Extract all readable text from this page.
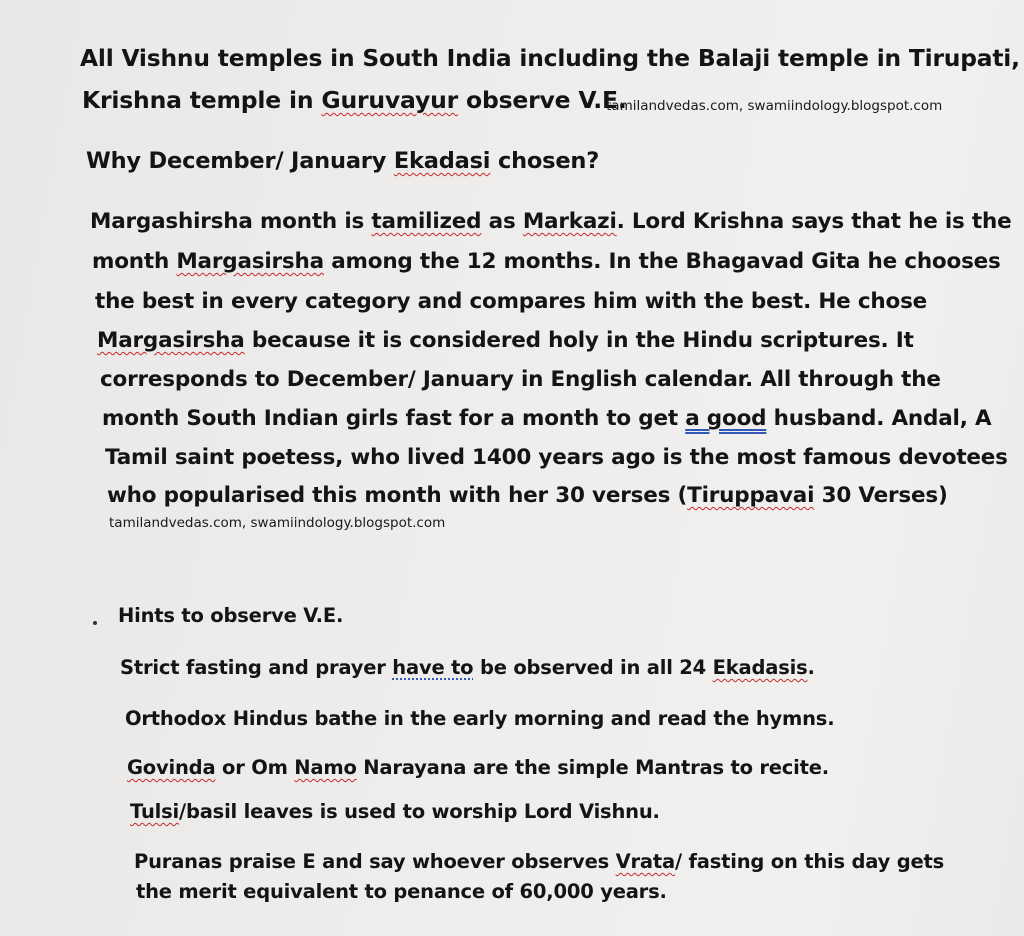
All Vishnu temples in South India including the Balaji temple in Tirupati,
Krishna temple in Guruvayur observe V.E.
tamilandvedas.com, swamiindology.blogspot.com
Why December/ January Ekadasi chosen?
Margashirsha month is tamilized as Markazi. Lord Krishna says that he is the
month Margasirsha among the 12 months. In the Bhagavad Gita he chooses
the best in every category and compares him with the best. He chose
Margasirsha because it is considered holy in the Hindu scriptures. It
corresponds to December/ January in English calendar. All through the
month South Indian girls fast for a month to get a good husband. Andal, A
Tamil saint poetess, who lived 1400 years ago is the most famous devotees
who popularised this month with her 30 verses (Tiruppavai 30 Verses)
tamilandvedas.com, swamiindology.blogspot.com
Hints to observe V.E.
Strict fasting and prayer have to be observed in all 24 Ekadasis.
Orthodox Hindus bathe in the early morning and read the hymns.
Govinda or Om Namo Narayana are the simple Mantras to recite.
Tulsi/basil leaves is used to worship Lord Vishnu.
Puranas praise E and say whoever observes Vrata/ fasting on this day gets
the merit equivalent to penance of 60,000 years.
